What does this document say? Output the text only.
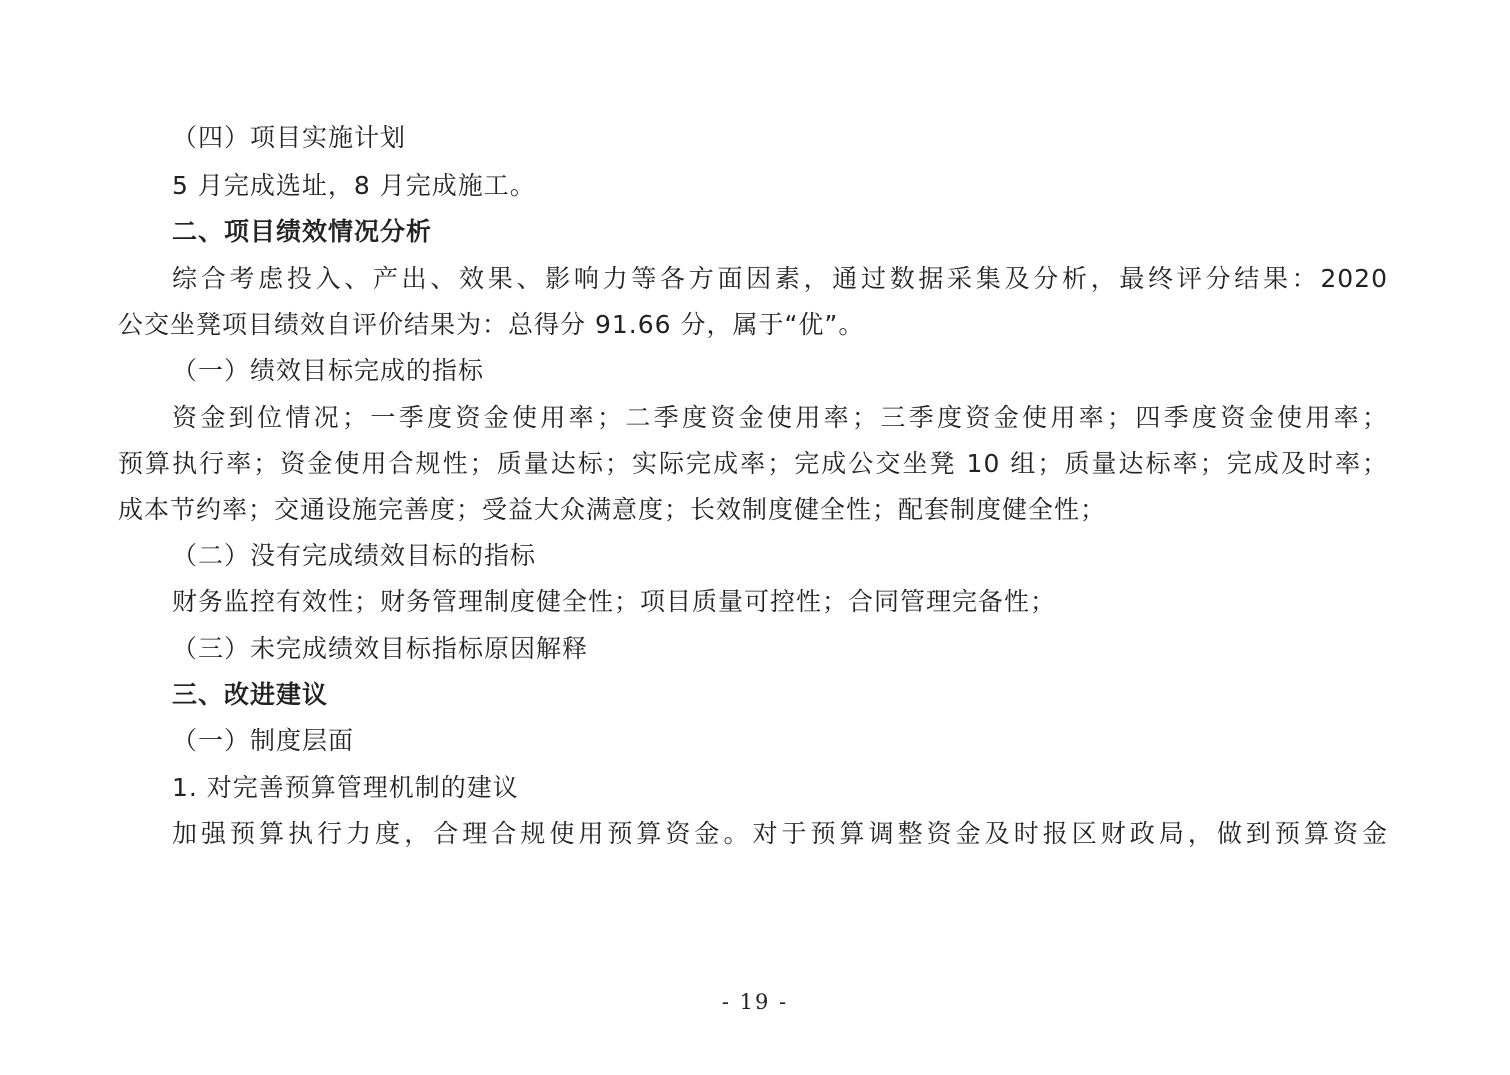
（四）项目实施计划
5 月完成选址，8 月完成施工。
二、项目绩效情况分析
综合考虑投入、产出、效果、影响力等各方面因素，通过数据采集及分析，最终评分结果：2020
公交坐凳项目绩效自评价结果为：总得分 91.66 分，属于“优”。
（一）绩效目标完成的指标
资金到位情况；一季度资金使用率；二季度资金使用率；三季度资金使用率；四季度资金使用率；
预算执行率；资金使用合规性；质量达标；实际完成率；完成公交坐凳 10 组；质量达标率；完成及时率；
成本节约率；交通设施完善度；受益大众满意度；长效制度健全性；配套制度健全性；
（二）没有完成绩效目标的指标
财务监控有效性；财务管理制度健全性；项目质量可控性；合同管理完备性；
（三）未完成绩效目标指标原因解释
三、改进建议
（一）制度层面
1. 对完善预算管理机制的建议
加强预算执行力度，合理合规使用预算资金。对于预算调整资金及时报区财政局，做到预算资金
- 19 -
